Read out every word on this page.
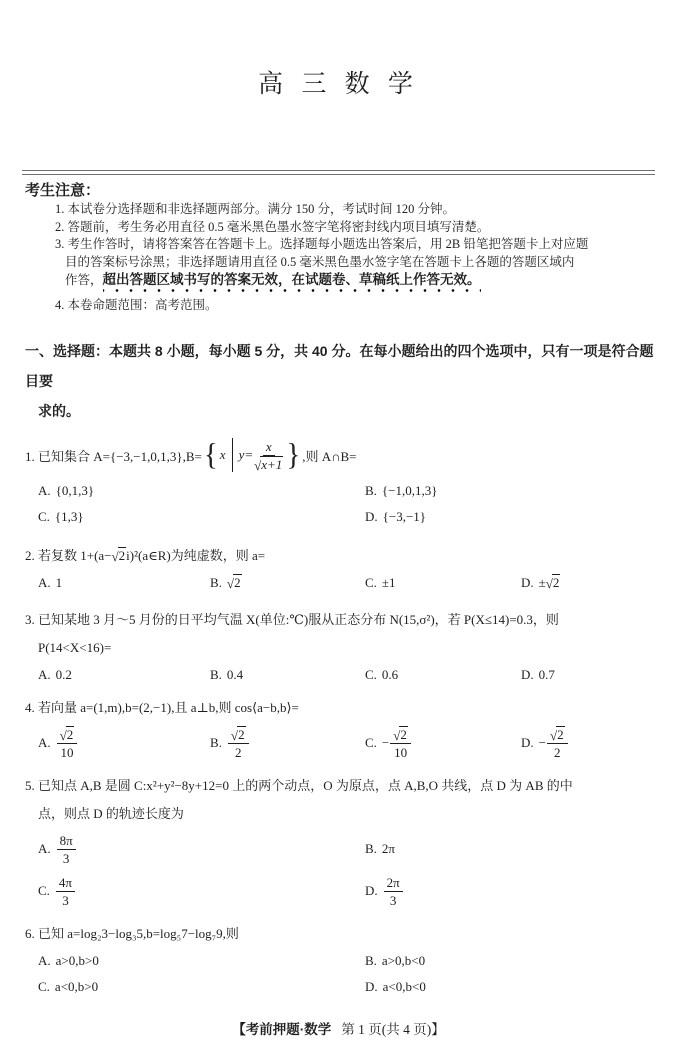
高 三 数 学
考生注意：
1. 本试卷分选择题和非选择题两部分。满分 150 分，考试时间 120 分钟。
2. 答题前，考生务必用直径 0.5 毫米黑色墨水签字笔将密封线内项目填写清楚。
3. 考生作答时，请将答案答在答题卡上。选择题每小题选出答案后，用 2B 铅笔把答题卡上对应题
目的答案标号涂黑；非选择题请用直径 0.5 毫米黑色墨水签字笔在答题卡上各题的答题区域内
作答，超出答题区域书写的答案无效，在试题卷、草稿纸上作答无效。
4. 本卷命题范围：高考范围。
一、选择题：本题共 8 小题，每小题 5 分，共 40 分。在每小题给出的四个选项中，只有一项是符合题目要
求的。
1. 已知集合 A={−3,−1,0,1,3},B= { x $y= \frac{x}{√x+1}$ } ,则 A∩B=
A. {0,1,3}	B. {−1,0,1,3}
C. {1,3}	D. {−3,−1}
2. 若复数 1+(a−√2i)²(a∈R)为纯虚数，则 a=
A. 1	B. √2	C. ±1	D. ±√2
3. 已知某地 3 月～5 月份的日平均气温 X(单位:℃)服从正态分布 N(15,σ²)，若 P(X≤14)=0.3，则
P(14<X<16)=
A. 0.2	B. 0.4	C. 0.6	D. 0.7
4. 若向量 a=(1,m),b=(2,−1),且 a⊥b,则 cos⟨a−b,b⟩=
A. $\frac{√2}{10}$	B. $\frac{√2}{2}$	C. − $\frac{√2}{10}$	D. − $\frac{√2}{2}$
5. 已知点 A,B 是圆 C:x²+y²−8y+12=0 上的两个动点，O 为原点，点 A,B,O 共线，点 D 为 AB 的中
点，则点 D 的轨迹长度为
A. $\frac{8\pi}{3}$	B. 2π
C. $\frac{4\pi}{3}$	D. $\frac{2\pi}{3}$
6. 已知 a=log₂3−log₃5,b=log₅7−log₇9,则
A. a>0,b>0	B. a>0,b<0
C. a<0,b>0	D. a<0,b<0
【考前押题·数学 第 1 页(共 4 页)】
